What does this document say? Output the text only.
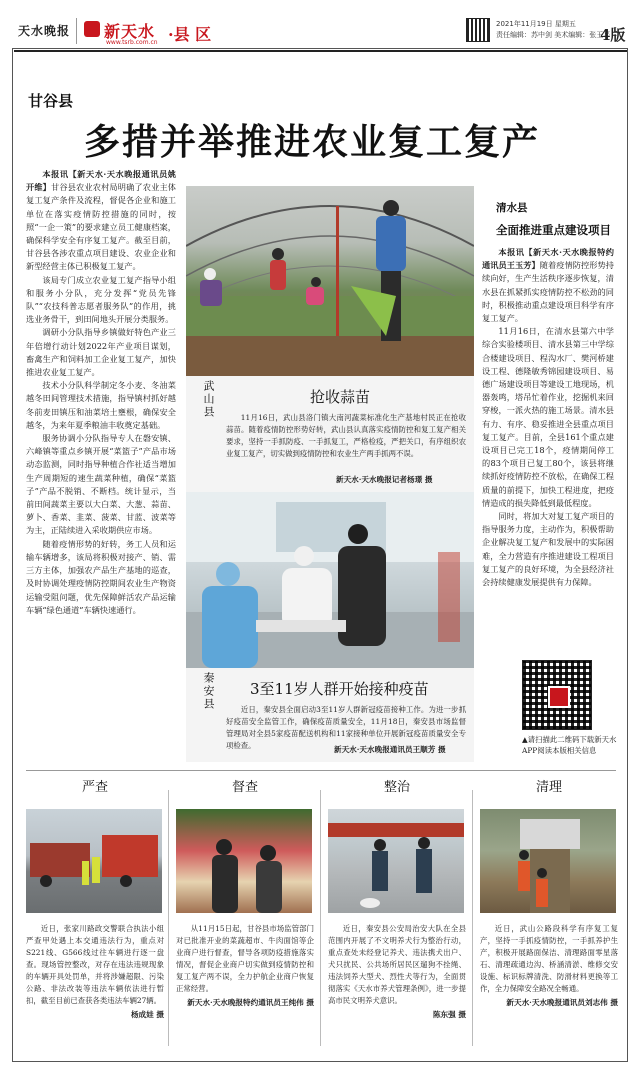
天水晚报 新天水
www.tsrb.com.cn ·县 区
2021年11月19日 星期五
责任编辑：苏中剑 美术编辑：张玉平
4版
甘谷县
多措并举推进农业复工复产

本报讯【新天水·天水晚报通讯员姚开维】甘谷县农业农村局明确了农业主体复工复产条件及流程，督促各企业和施工单位在落实疫情防控措施的同时，按照“一企一策”的要求建立员工健康档案，确保科学安全有序复工复产。截至目前，甘谷县各涉农重点项目建设、农业企业和新型经营主体已积极复工复产。

该局专门成立农业复工复产指导小组和服务小分队，充分发挥“党员先锋队”“农技科普志愿者服务队”的作用，挑选业务骨干，到田间地头开展分类服务。

调研小分队指导乡镇做好特色产业三年倍增行动计划2022年产业项目谋划，畜禽生产和饲料加工企业复工复产，加快推进农业复工复产。

技术小分队科学制定冬小麦、冬油菜越冬田间管理技术措施，指导镇村抓好越冬前麦田镇压和油菜培土壅根，确保安全越冬，为来年夏季粮油丰收奠定基础。

服务协调小分队指导专人在磐安镇、六峰镇等重点乡镇开展“菜篮子”产品市场动态监测，同时指导种植合作社适当增加生产周期短的速生蔬菜种植，确保“菜篮子”产品不脱销、不断档。统计显示，当前田间蔬菜主要以大白菜、大葱、蒜苗、萝卜、香菜、韭菜、菠菜、甘蓝、波菜等为主，正陆续进入采收期供应市场。

随着疫情形势的好转，务工人员和运输车辆增多，该局将积极对接产、销、需三方主体，加强农产品生产基地的巡查，及时协调处理疫情防控期间农业生产物资运输受阻问题，优先保障鲜活农产品运输车辆“绿色通道”车辆快速通行。

武山县	抢收蒜苗

11月16日，武山县洛门镇大南河蔬菜标准化生产基地村民正在抢收蒜苗。随着疫情防控形势好转，武山县认真落实疫情防控和复工复产相关要求，坚持一手抓防疫、一手抓复工，严格检疫，严把关口，有序组织农业复工复产，切实做到疫情防控和农业生产两手抓两不误。

新天水·天水晚报记者杨璟 摄
秦安县 3至11岁人群开始接种疫苗

近日，秦安县全面启动3至11岁人群新冠疫苗接种工作。为进一步抓好疫苗安全监管工作，确保疫苗质量安全，11月18日，秦安县市场监督管理局对全县5家疫苗配送机构和11家接种单位开展新冠疫苗质量安全专项检查。	新天水·天水晚报通讯员王顺芳 摄
清水县
全面推进重点建设项目

本报讯【新天水·天水晚报特约通讯员王玉芳】随着疫情防控形势持续向好，生产生活秩序逐步恢复，清水县在抓紧抓实疫情防控不松劲的同时，积极推动重点建设项目科学有序复工复产。

11月16日，在清水县第六中学综合实验楼项目、清水县第三中学综合楼建设项目、程沟水厂、樊河桥建设工程、德隆敏秀锦园建设项目、易德广场建设项目等建设工地现场，机器轰鸣，塔吊忙着作业，挖掘机来回穿梭，一派火热的施工场景。清水县有力、有序、稳妥推进全县重点项目复工复产。目前，全县161个重点建设项目已完工18个，疫情期间停工的83个项目已复工80个，该县将继续抓好疫情防控不放松，在确保工程质量的前提下，加快工程进度，把疫情造成的损失降低到最低程度。

同时，将加大对复工复产项目的指导服务力度，主动作为，积极帮助企业解决复工复产和发展中的实际困难，全力营造有序推进建设工程项目复工复产的良好环境，为全县经济社会持续健康发展提供有力保障。

▲请扫描此二维码下载新天水APP阅读本版相关信息
严查

近日，张家川路政交警联合执法小组严查甲处遇上本交通违法行为，重点对S221线、G566线过往车辆进行逐一盘查。现场管控整改，对存在违法违规现象的车辆开具处罚单，并将涉嫌超限、污染公路、非法改装等违法车辆依法进行暂扣，截至目前已查获各类违法车辆27辆。

杨成娃 摄
督查

从11月15日起，甘谷县市场监管部门对已批准开业的菜蔬超市、牛肉面馆等企业商户进行督查，督导各项防疫措施落实情况，督促企业商户切实做到疫情防控和复工复产两不误，全力护航企业商户恢复正常经营。

新天水·天水晚报特约通讯员王纯伟 摄
整治

近日，秦安县公安局治安大队在全县范围内开展了不文明养犬行为整治行动，重点查处未经登记养犬、违法携犬出户、犬只扰民、公共场所居民区遛狗不拴绳、违法饲养大型犬、烈性犬等行为，全面贯彻落实《天水市养犬管理条例》，进一步提高市民文明养犬意识。

陈东强 摄
清理

近日，武山公路段科学有序复工复产，坚持一手抓疫情防控，一手抓养护生产，积极开展路面保洁、清理路面零星落石、清理疏通边沟、桥涵清淤、维修交安设施、标识标牌清洗、防滑材料更换等工作，全力保障安全路况全畅通。

新天水·天水晚报通讯员刘志伟 摄
